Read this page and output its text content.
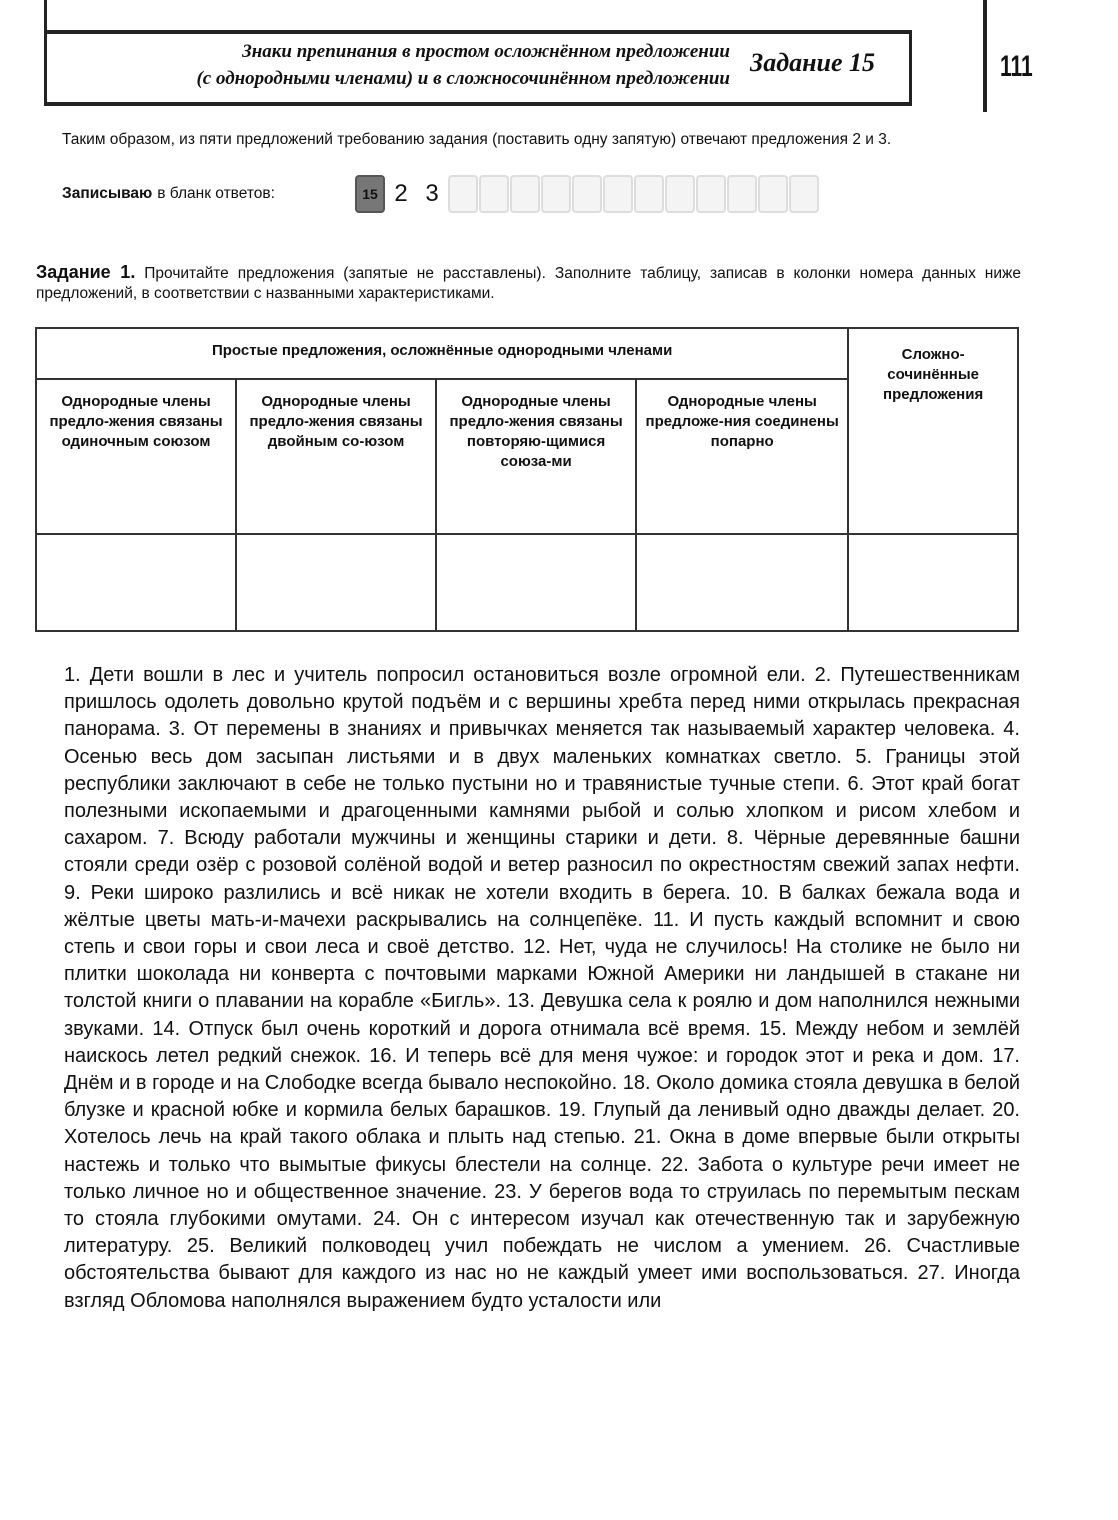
Знаки препинания в простом осложнённом предложении
(с однородными членами) и в сложносочинённом предложении
Задание 15	111
Таким образом, из пяти предложений требованию задания (поставить одну запятую) отвечают предложения 2 и 3.
Записываю в бланк ответов:	15 2 3
Задание 1. Прочитайте предложения (запятые не расставлены). Заполните таблицу, записав в колонки номера данных ниже предложений, в соответствии с названными характеристиками.
Простые предложения, осложнённые однородными членами				Сложно-сочинённые предложения
Однородные члены предло-жения связаны одиночным союзом	Однородные члены предло-жения связаны двойным со-юзом	Однородные члены предло-жения связаны повторяю-щимися союза-ми	Однородные члены предложе-ния соединены попарно	

1. Дети вошли в лес и учитель попросил остановиться возле огромной ели. 2. Путешественникам пришлось одолеть довольно крутой подъём и с вершины хребта перед ними открылась прекрасная панорама. 3. От перемены в знаниях и привычках меняется так называемый характер человека. 4. Осенью весь дом засыпан листьями и в двух маленьких комнатках светло. 5. Границы этой республики заключают в себе не только пустыни но и травянистые тучные степи. 6. Этот край богат полезными ископаемыми и драгоценными камнями рыбой и солью хлопком и рисом хлебом и сахаром. 7. Всюду работали мужчины и женщины старики и дети. 8. Чёрные деревянные башни стояли среди озёр с розовой солёной водой и ветер разносил по окрестностям свежий запах нефти. 9. Реки широко разлились и всё никак не хотели входить в берега. 10. В балках бежала вода и жёлтые цветы мать-и-мачехи раскрывались на солнцепёке. 11. И пусть каждый вспомнит и свою степь и свои горы и свои леса и своё детство. 12. Нет, чуда не случилось! На столике не было ни плитки шоколада ни конверта с почтовыми марками Южной Америки ни ландышей в стакане ни толстой книги о плавании на корабле «Бигль». 13. Девушка села к роялю и дом наполнился нежными звуками. 14. Отпуск был очень короткий и дорога отнимала всё время. 15. Между небом и землёй наискось летел редкий снежок. 16. И теперь всё для меня чужое: и городок этот и река и дом. 17. Днём и в городе и на Слободке всегда бывало неспокойно. 18. Около домика стояла девушка в белой блузке и красной юбке и кормила белых барашков. 19. Глупый да ленивый одно дважды делает. 20. Хотелось лечь на край такого облака и плыть над степью. 21. Окна в доме впервые были открыты настежь и только что вымытые фикусы блестели на солнце. 22. Забота о культуре речи имеет не только личное но и общественное значение. 23. У берегов вода то струилась по перемытым пескам то стояла глубокими омутами. 24. Он с интересом изучал как отечественную так и зарубежную литературу. 25. Великий полководец учил побеждать не числом а умением. 26. Счастливые обстоятельства бывают для каждого из нас но не каждый умеет ими воспользоваться. 27. Иногда взгляд Обломова наполнялся выражением будто усталости или
